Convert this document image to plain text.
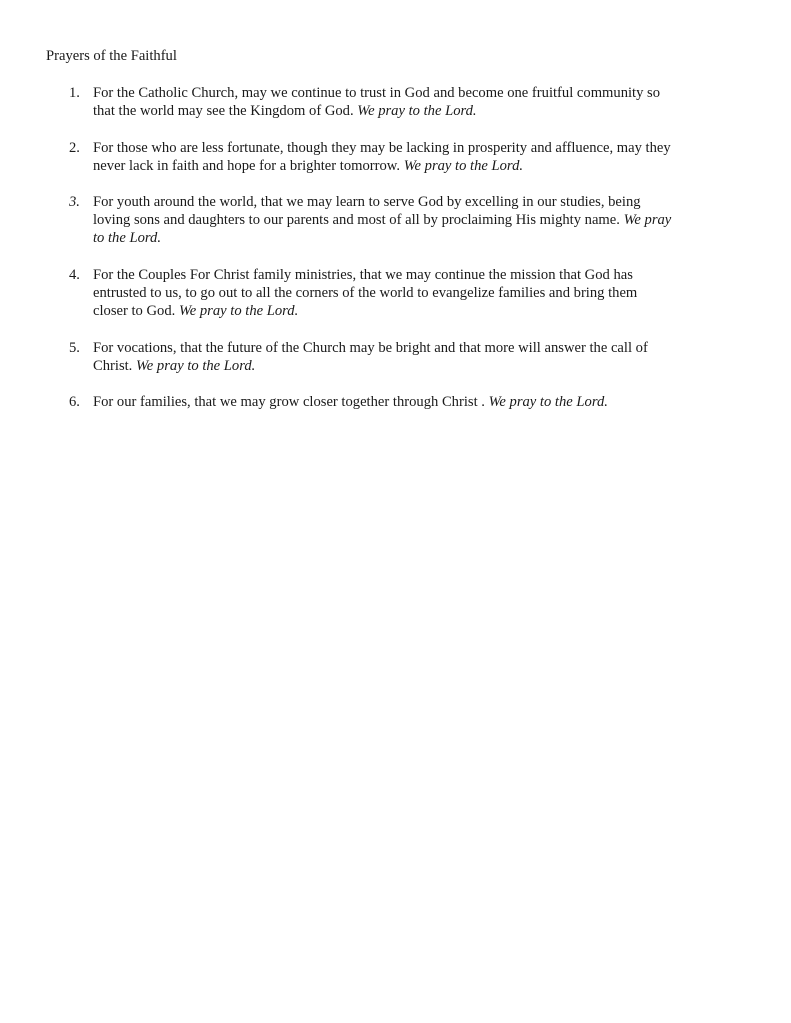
Prayers of the Faithful
1. For the Catholic Church, may we continue to trust in God and become one fruitful community so
that the world may see the Kingdom of God. We pray to the Lord.
2. For those who are less fortunate, though they may be lacking in prosperity and affluence, may they
never lack in faith and hope for a brighter tomorrow. We pray to the Lord.
3. For youth around the world, that we may learn to serve God by excelling in our studies, being
loving sons and daughters to our parents and most of all by proclaiming His mighty name. We pray
to the Lord.
4. For the Couples For Christ family ministries, that we may continue the mission that God has
entrusted to us, to go out to all the corners of the world to evangelize families and bring them
closer to God. We pray to the Lord.
5. For vocations, that the future of the Church may be bright and that more will answer the call of
Christ. We pray to the Lord.
6. For our families, that we may grow closer together through Christ . We pray to the Lord.
